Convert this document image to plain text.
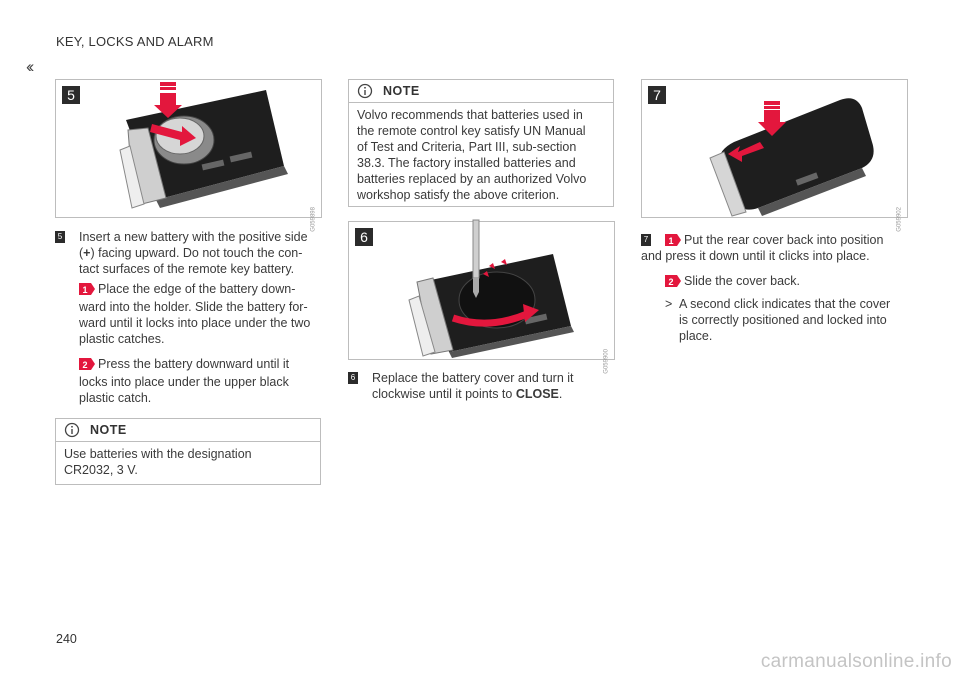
KEY, LOCKS AND ALARM
‹‹
5
G059898
5 Insert a new battery with the positive side
(+) facing upward. Do not touch the con-
tact surfaces of the remote key battery.
1 Place the edge of the battery down-
ward into the holder. Slide the battery for-
ward until it locks into place under the two
plastic catches.
2 Press the battery downward until it
locks into place under the upper black
plastic catch.
NOTE
Use batteries with the designation
CR2032, 3 V.
NOTE
Volvo recommends that batteries used in
the remote control key satisfy UN Manual
of Test and Criteria, Part III, sub-section
38.3. The factory installed batteries and
batteries replaced by an authorized Volvo
workshop satisfy the above criterion.
6
G059900
6 Replace the battery cover and turn it
clockwise until it points to CLOSE.
7
G059902
7	1 Put the rear cover back into position
and press it down until it clicks into place.
2 Slide the cover back.
> A second click indicates that the cover
is correctly positioned and locked into
place.
240
carmanualsonline.info
